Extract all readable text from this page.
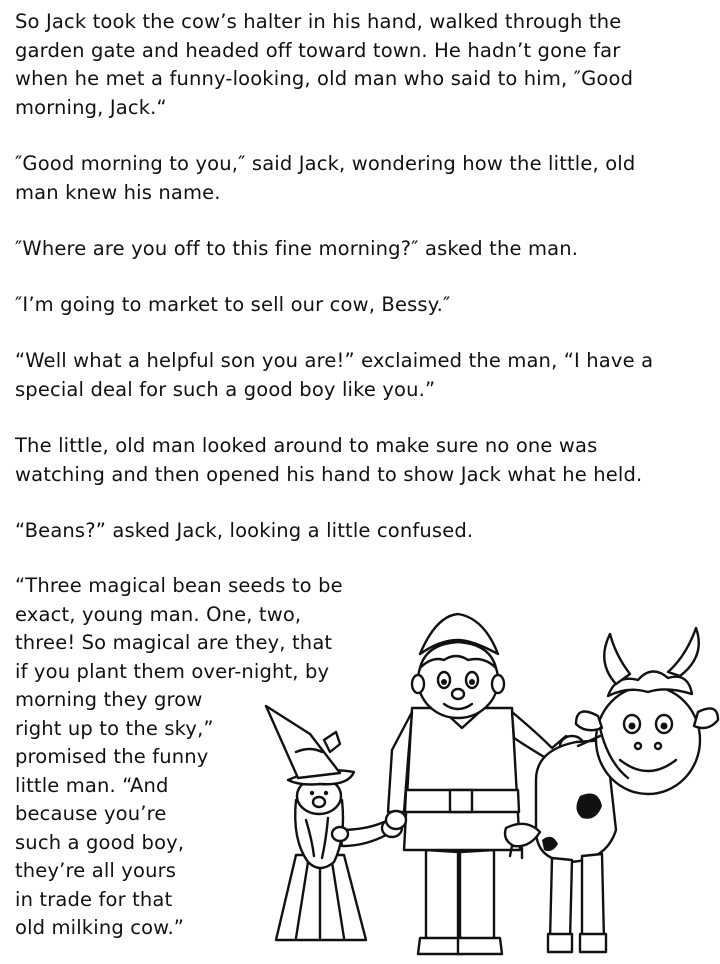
So Jack took the cow’s halter in his hand, walked through the
garden gate and headed off toward town. He hadn’t gone far
when he met a funny-looking, old man who said to him, ″Good
morning, Jack.“

″Good morning to you,″ said Jack, wondering how the little, old
man knew his name.

″Where are you off to this fine morning?″ asked the man.

″I’m going to market to sell our cow, Bessy.″

“Well what a helpful son you are!” exclaimed the man, “I have a
special deal for such a good boy like you.”

The little, old man looked around to make sure no one was
watching and then opened his hand to show Jack what he held.

“Beans?” asked Jack, looking a little confused.

“Three magical bean seeds to be
exact, young man. One, two,
three! So magical are they, that
if you plant them over-night, by
morning they grow
right up to the sky,”
promised the funny
little man. “And
because you’re
such a good boy,
they’re all yours
in trade for that
old milking cow.”
